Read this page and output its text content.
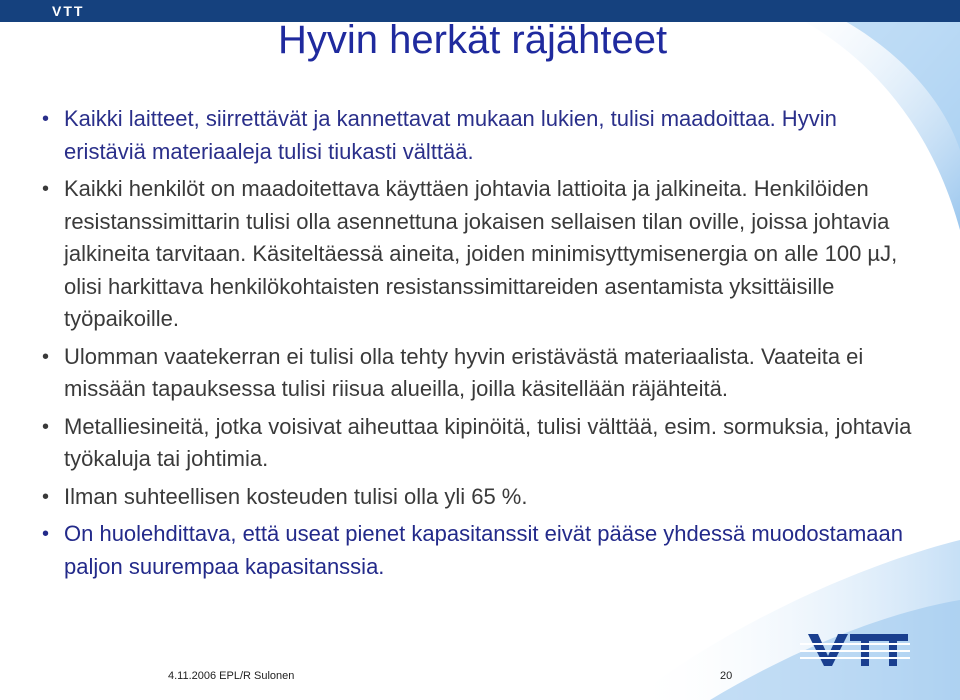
VTT
Hyvin herkät räjähteet
• Kaikki laitteet, siirrettävät ja kannettavat mukaan lukien, tulisi maadoittaa. Hyvin eristäviä materiaaleja tulisi tiukasti välttää.
• Kaikki henkilöt on maadoitettava käyttäen johtavia lattioita ja jalkineita. Henkilöiden resistanssimittarin tulisi olla asennettuna jokaisen sellaisen tilan oville, joissa johtavia jalkineita tarvitaan. Käsiteltäessä aineita, joiden minimisyttymisenergia on alle 100 µJ, olisi harkittava henkilökohtaisten resistanssimittareiden asentamista yksittäisille työpaikoille.
• Ulomman vaatekerran ei tulisi olla tehty hyvin eristävästä materiaalista. Vaateita ei missään tapauksessa tulisi riisua alueilla, joilla käsitellään räjähteitä.
• Metalliesineitä, jotka voisivat aiheuttaa kipinöitä, tulisi välttää, esim. sormuksia, johtavia työkaluja tai johtimia.
• Ilman suhteellisen kosteuden tulisi olla yli 65 %.
• On huolehdittava, että useat pienet kapasitanssit eivät pääse yhdessä muodostamaan paljon suurempaa kapasitanssia.
4.11.2006 EPL/R Sulonen	20
